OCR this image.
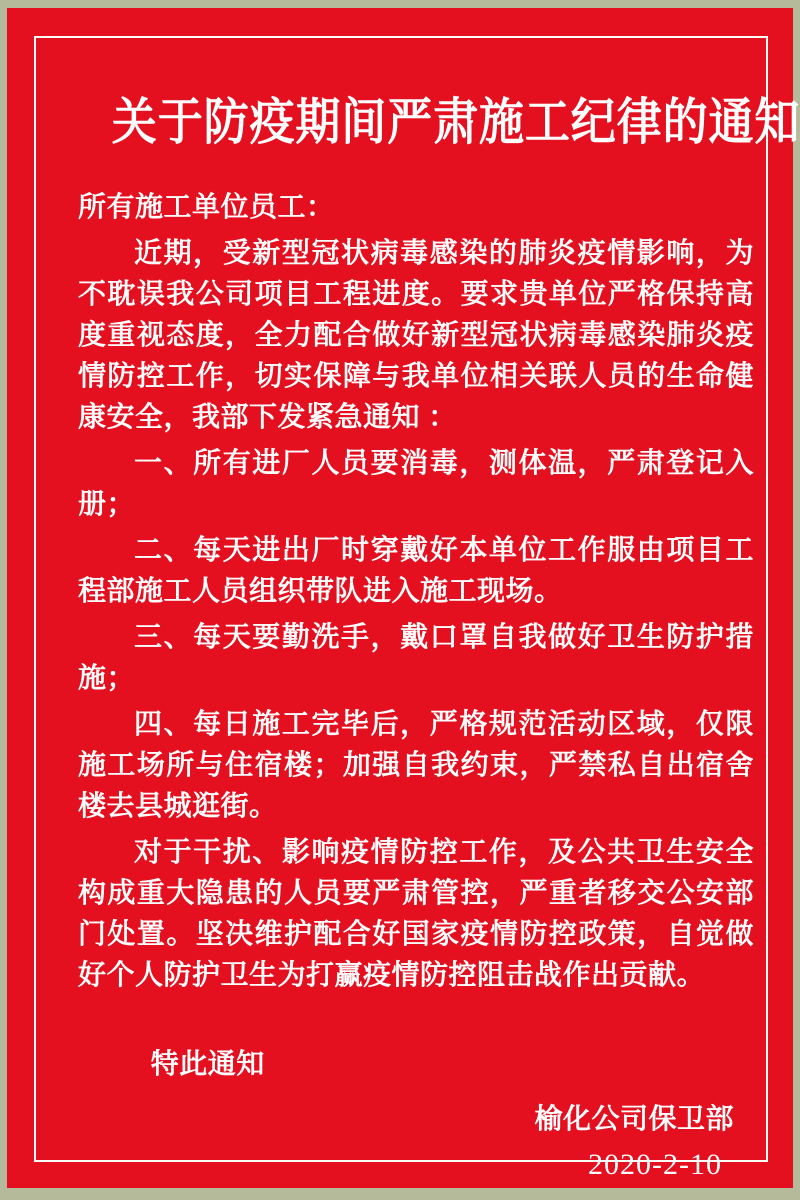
关于防疫期间严肃施工纪律的通知

所有施工单位员工：

近期，受新型冠状病毒感染的肺炎疫情影响，为不耽误我公司项目工程进度。要求贵单位严格保持高度重视态度，全力配合做好新型冠状病毒感染肺炎疫情防控工作，切实保障与我单位相关联人员的生命健康安全，我部下发紧急通知 ：

一、所有进厂人员要消毒，测体温，严肃登记入册；

二、每天进出厂时穿戴好本单位工作服由项目工程部施工人员组织带队进入施工现场。

三、每天要勤洗手，戴口罩自我做好卫生防护措施；

四、每日施工完毕后，严格规范活动区域，仅限施工场所与住宿楼；加强自我约束，严禁私自出宿舍楼去县城逛街。

对于干扰、影响疫情防控工作，及公共卫生安全构成重大隐患的人员要严肃管控，严重者移交公安部门处置。坚决维护配合好国家疫情防控政策，自觉做好个人防护卫生为打赢疫情防控阻击战作出贡献。

特此通知

榆化公司保卫部

2020-2-10
